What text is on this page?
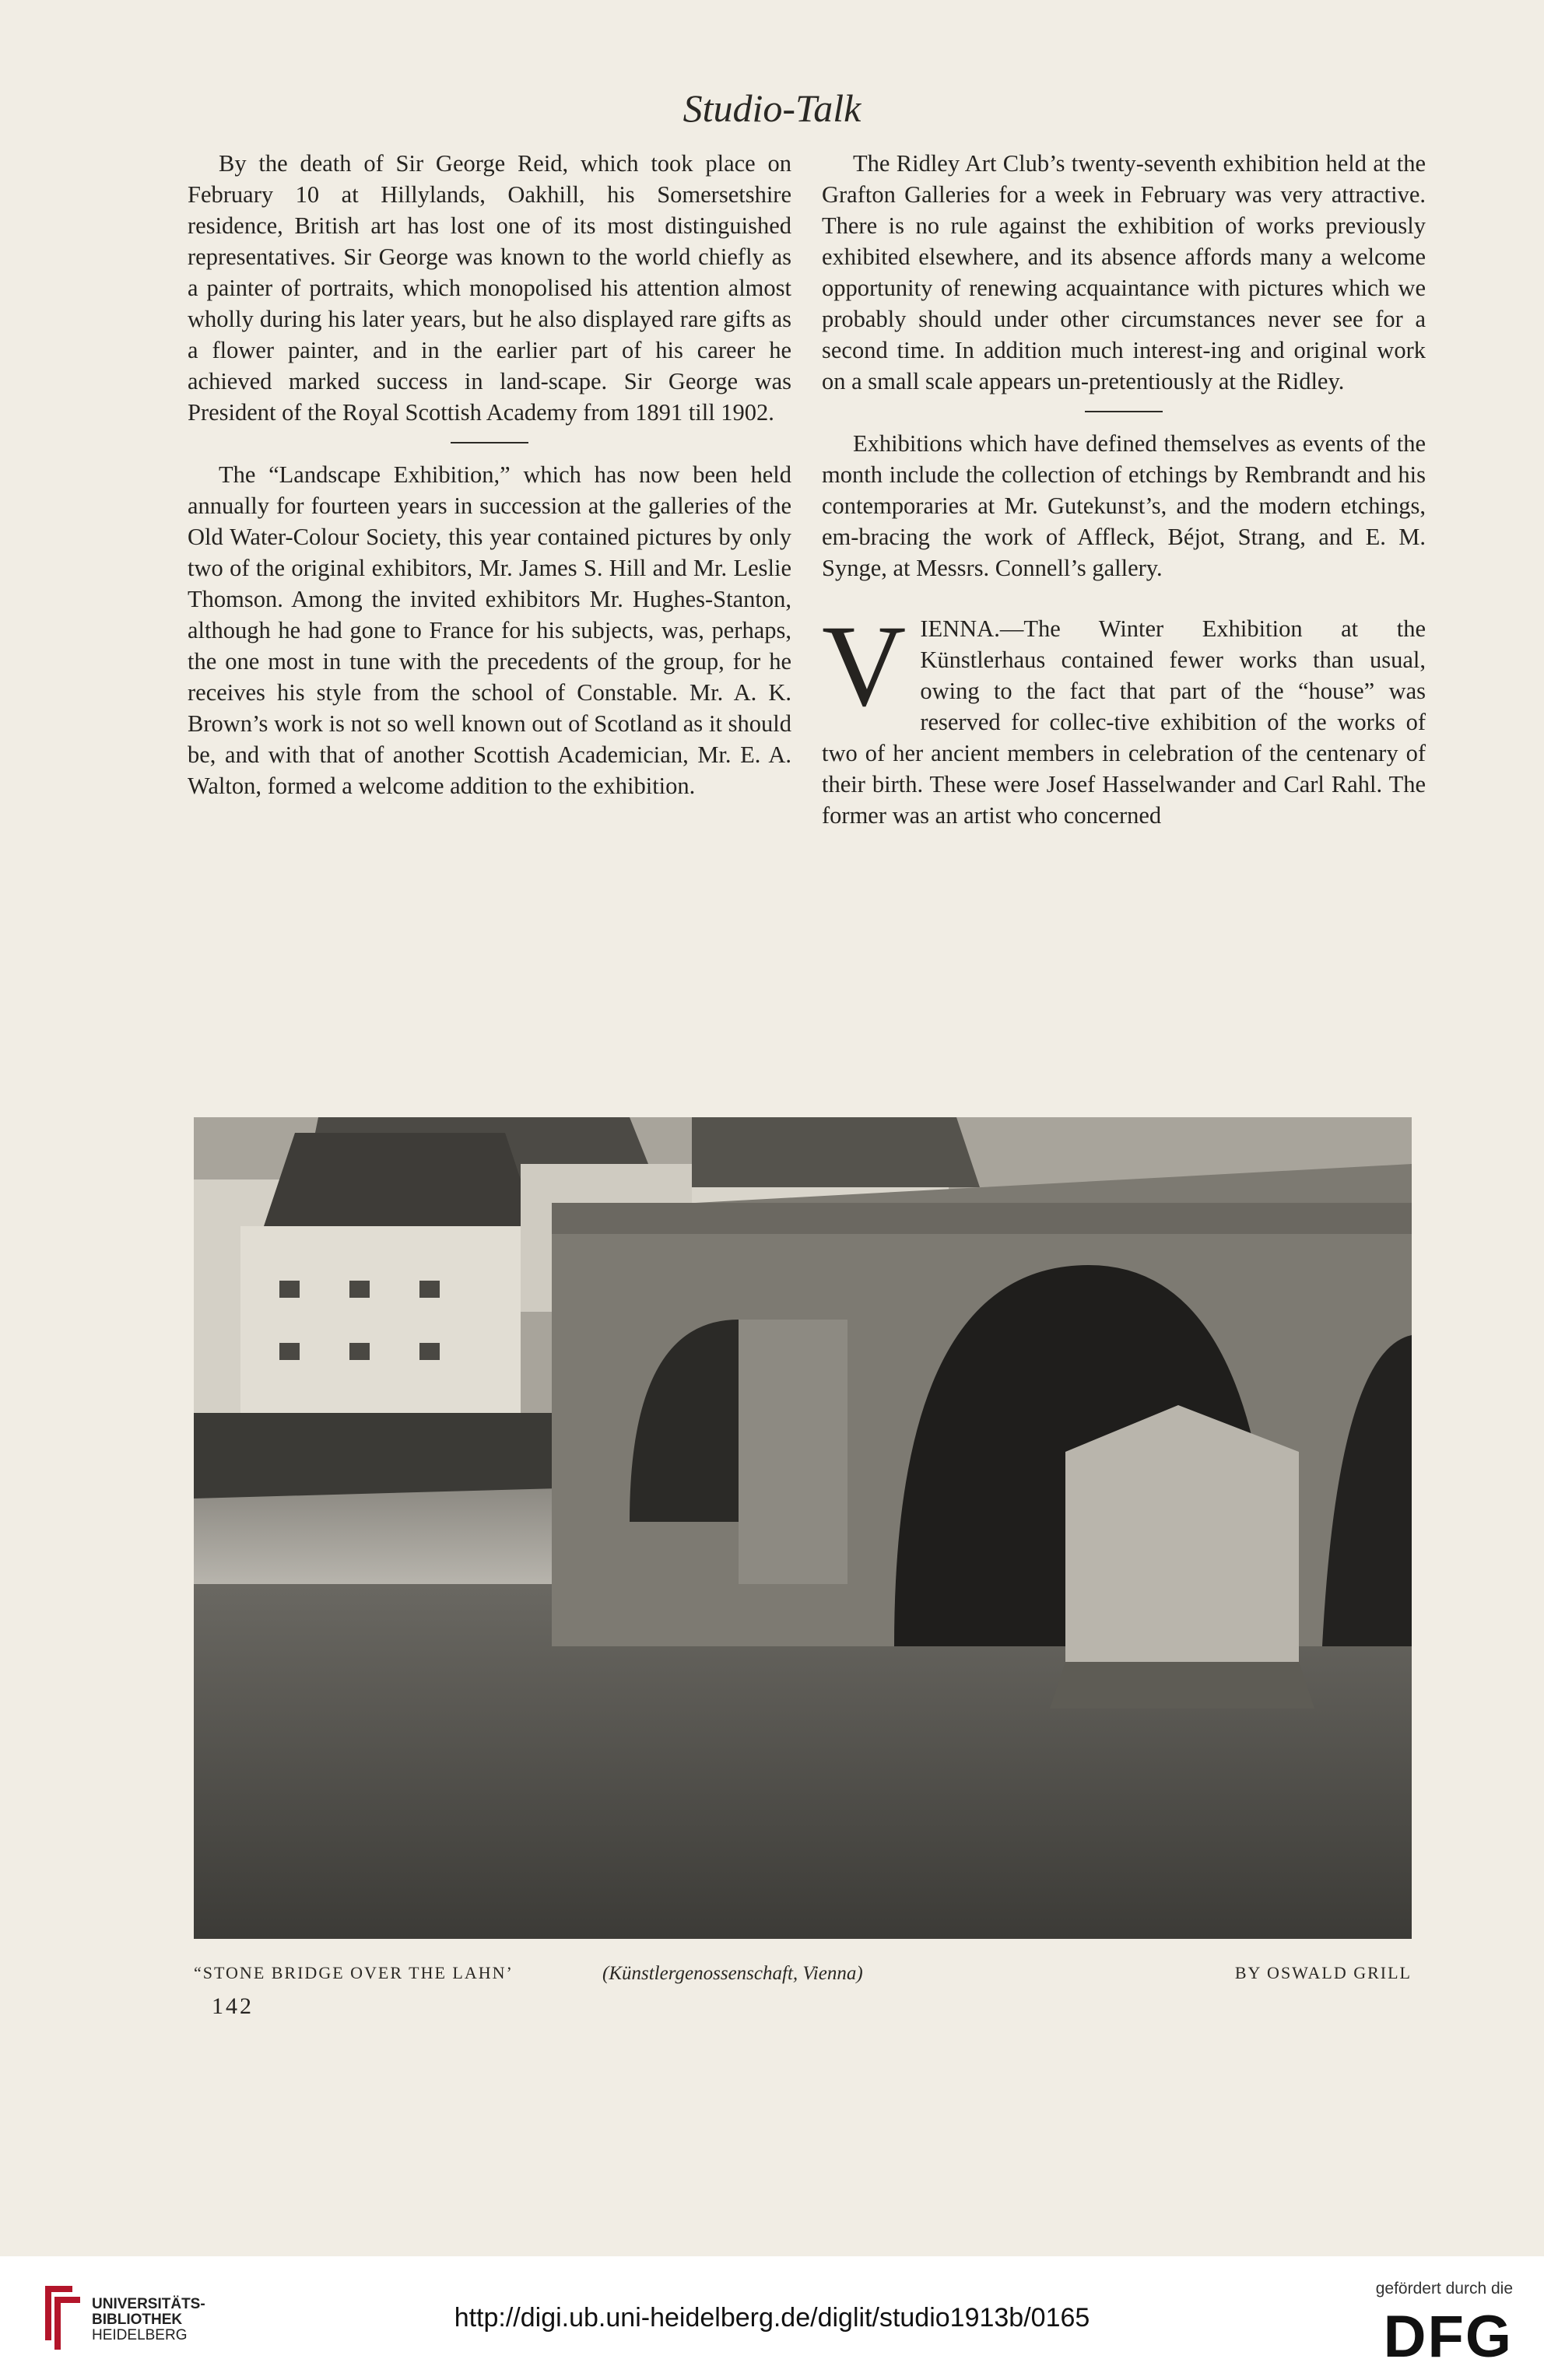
Studio-Talk

By the death of Sir George Reid, which took place on February 10 at Hillylands, Oakhill, his Somersetshire residence, British art has lost one of its most distinguished representatives. Sir George was known to the world chiefly as a painter of portraits, which monopolised his attention almost wholly during his later years, but he also displayed rare gifts as a flower painter, and in the earlier part of his career he achieved marked success in land-scape. Sir George was President of the Royal Scottish Academy from 1891 till 1902.

The “Landscape Exhibition,” which has now been held annually for fourteen years in succession at the galleries of the Old Water-Colour Society, this year contained pictures by only two of the original exhibitors, Mr. James S. Hill and Mr. Leslie Thomson. Among the invited exhibitors Mr. Hughes-Stanton, although he had gone to France for his subjects, was, perhaps, the one most in tune with the precedents of the group, for he receives his style from the school of Constable. Mr. A. K. Brown’s work is not so well known out of Scotland as it should be, and with that of another Scottish Academician, Mr. E. A. Walton, formed a welcome addition to the exhibition.

The Ridley Art Club’s twenty-seventh exhibition held at the Grafton Galleries for a week in February was very attractive. There is no rule against the exhibition of works previously exhibited elsewhere, and its absence affords many a welcome opportunity of renewing acquaintance with pictures which we probably should under other circumstances never see for a second time. In addition much interest-ing and original work on a small scale appears un-pretentiously at the Ridley.

Exhibitions which have defined themselves as events of the month include the collection of etchings by Rembrandt and his contemporaries at Mr. Gutekunst’s, and the modern etchings, em-bracing the work of Affleck, Béjot, Strang, and E. M. Synge, at Messrs. Connell’s gallery.

VIENNA.—The Winter Exhibition at the Künstlerhaus contained fewer works than usual, owing to the fact that part of the “house” was reserved for collec-tive exhibition of the works of two of her ancient members in celebration of the centenary of their birth. These were Josef Hasselwander and Carl Rahl. The former was an artist who concerned

“STONE BRIDGE OVER THE LAHN’	(Künstlergenossenschaft, Vienna)	BY OSWALD GRILL
142
UNIVERSITÄTS-
BIBLIOTHEK
HEIDELBERG
http://digi.ub.uni-heidelberg.de/diglit/studio1913b/0165
gefördert durch die
DFG
